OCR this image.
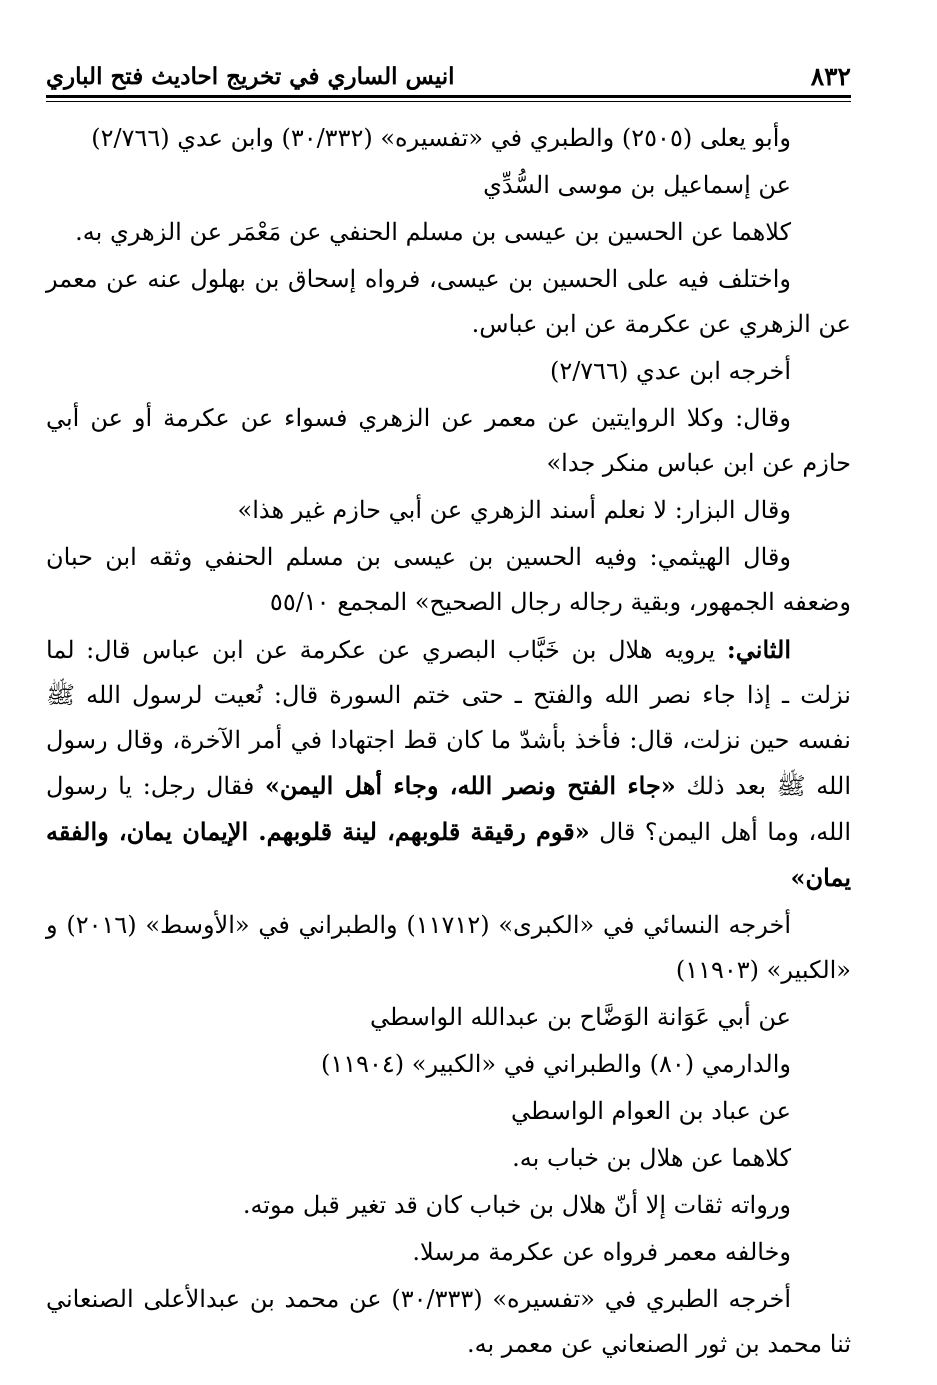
٨٣٢
انيس الساري في تخريج احاديث فتح الباري

وأبو يعلى (٢٥٠٥) والطبري في «تفسيره» (٣٠/٣٣٢) وابن عدي (٢/٧٦٦)

عن إسماعيل بن موسى السُّدِّي

كلاهما عن الحسين بن عيسى بن مسلم الحنفي عن مَعْمَر عن الزهري به.

واختلف فيه على الحسين بن عيسى، فرواه إسحاق بن بهلول عنه عن معمر عن الزهري عن عكرمة عن ابن عباس.

أخرجه ابن عدي (٢/٧٦٦)

وقال: وكلا الروايتين عن معمر عن الزهري فسواء عن عكرمة أو عن أبي حازم عن ابن عباس منكر جدا»

وقال البزار: لا نعلم أسند الزهري عن أبي حازم غير هذا»

وقال الهيثمي: وفيه الحسين بن عيسى بن مسلم الحنفي وثقه ابن حبان وضعفه الجمهور، وبقية رجاله رجال الصحيح» المجمع ٥٥/١٠

الثاني: يرويه هلال بن خَبَّاب البصري عن عكرمة عن ابن عباس قال: لما نزلت ـ إذا جاء نصر الله والفتح ـ حتى ختم السورة قال: نُعيت لرسول الله ﷺ نفسه حين نزلت، قال: فأخذ بأشدّ ما كان قط اجتهادا في أمر الآخرة، وقال رسول الله ﷺ بعد ذلك «جاء الفتح ونصر الله، وجاء أهل اليمن» فقال رجل: يا رسول الله، وما أهل اليمن؟ قال «قوم رقيقة قلوبهم، لينة قلوبهم. الإيمان يمان، والفقه يمان»

أخرجه النسائي في «الكبرى» (١١٧١٢) والطبراني في «الأوسط» (٢٠١٦) و «الكبير» (١١٩٠٣)

عن أبي عَوَانة الوَضَّاح بن عبدالله الواسطي

والدارمي (٨٠) والطبراني في «الكبير» (١١٩٠٤)

عن عباد بن العوام الواسطي

كلاهما عن هلال بن خباب به.

ورواته ثقات إلا أنّ هلال بن خباب كان قد تغير قبل موته.

وخالفه معمر فرواه عن عكرمة مرسلا.

أخرجه الطبري في «تفسيره» (٣٠/٣٣٣) عن محمد بن عبدالأعلى الصنعاني ثنا محمد بن ثور الصنعاني عن معمر به.
